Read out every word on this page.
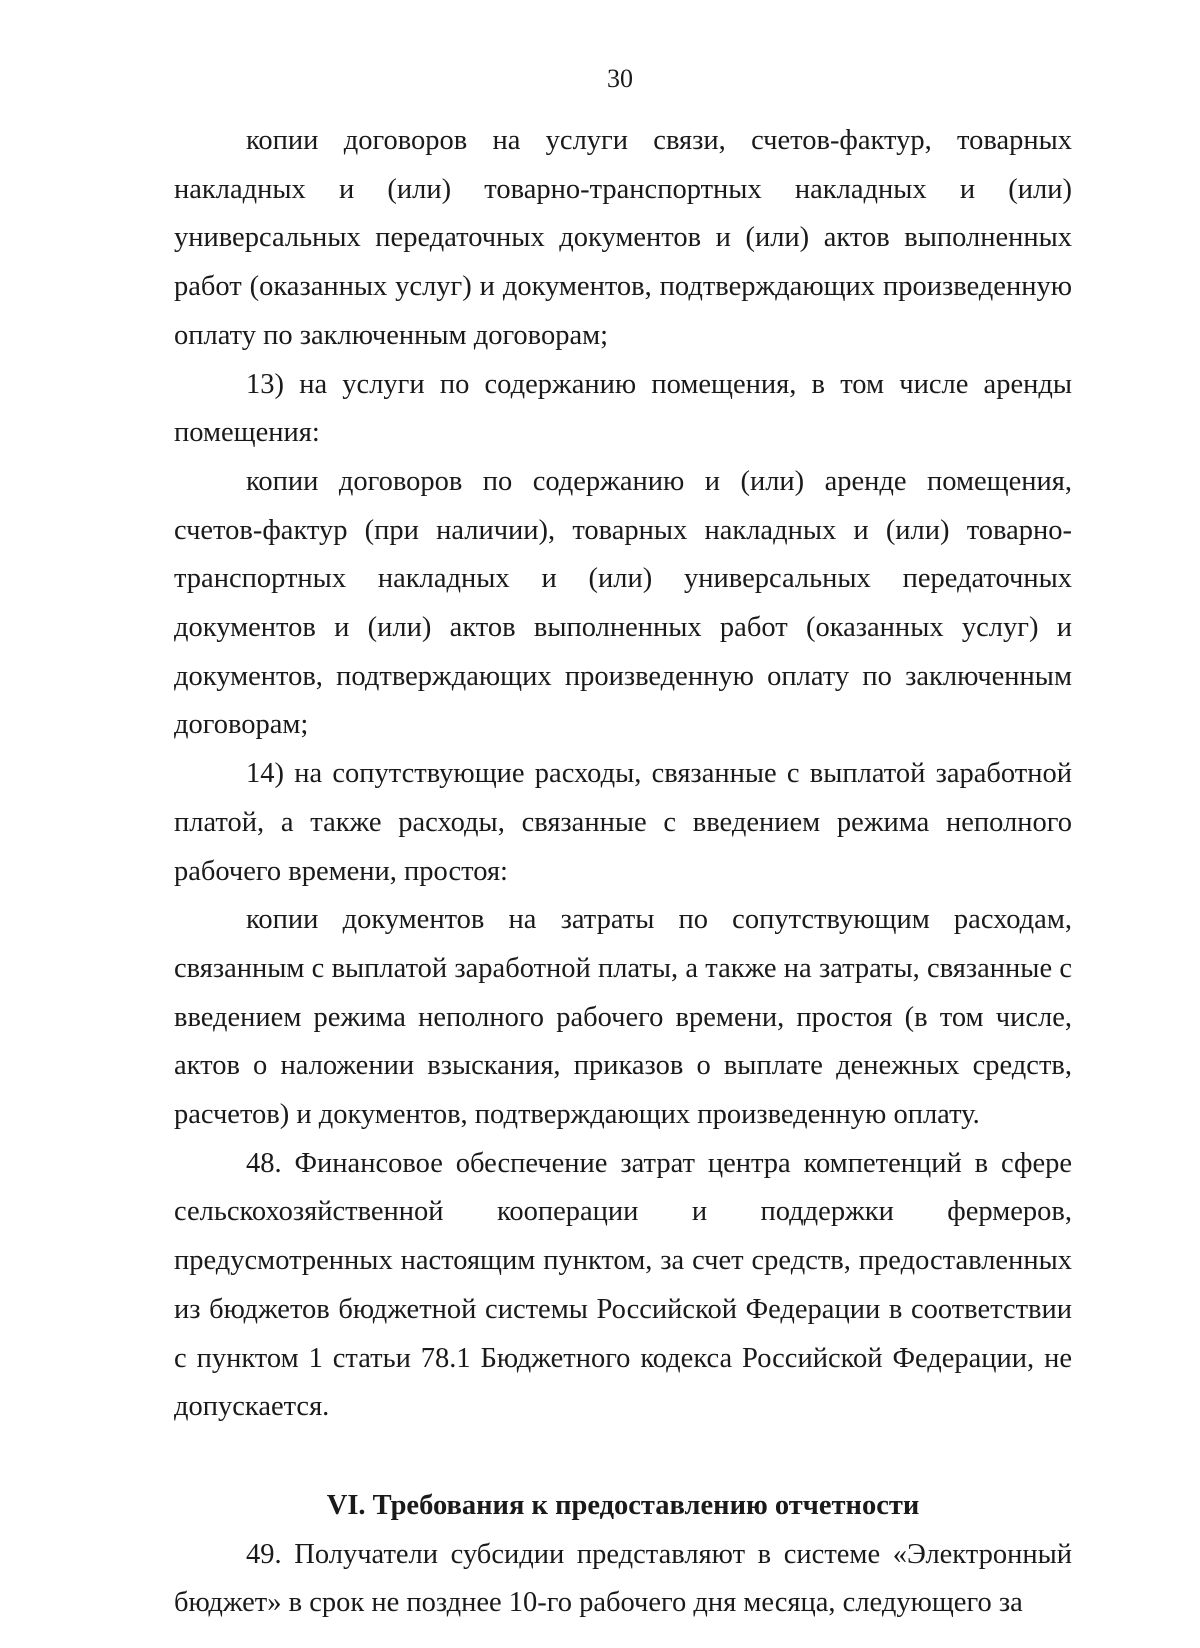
30

копии договоров на услуги связи, счетов-фактур, товарных накладных и (или) товарно-транспортных накладных и (или) универсальных передаточных документов и (или) актов выполненных работ (оказанных услуг) и документов, подтверждающих произведенную оплату по заключенным договорам;

13) на услуги по содержанию помещения, в том числе аренды помещения:

копии договоров по содержанию и (или) аренде помещения, счетов-фактур (при наличии), товарных накладных и (или) товарно-транспортных накладных и (или) универсальных передаточных документов и (или) актов выполненных работ (оказанных услуг) и документов, подтверждающих произведенную оплату по заключенным договорам;

14) на сопутствующие расходы, связанные с выплатой заработной платой, а также расходы, связанные с введением режима неполного рабочего времени, простоя:

копии документов на затраты по сопутствующим расходам, связанным с выплатой заработной платы, а также на затраты, связанные с введением режима неполного рабочего времени, простоя (в том числе, актов о наложении взыскания, приказов о выплате денежных средств, расчетов) и документов, подтверждающих произведенную оплату.

48. Финансовое обеспечение затрат центра компетенций в сфере сельскохозяйственной кооперации и поддержки фермеров, предусмотренных настоящим пунктом, за счет средств, предоставленных из бюджетов бюджетной системы Российской Федерации в соответствии с пунктом 1 статьи 78.1 Бюджетного кодекса Российской Федерации, не допускается.

VI. Требования к предоставлению отчетности

49. Получатели субсидии представляют в системе «Электронный бюджет» в срок не позднее 10-го рабочего дня месяца, следующего за
